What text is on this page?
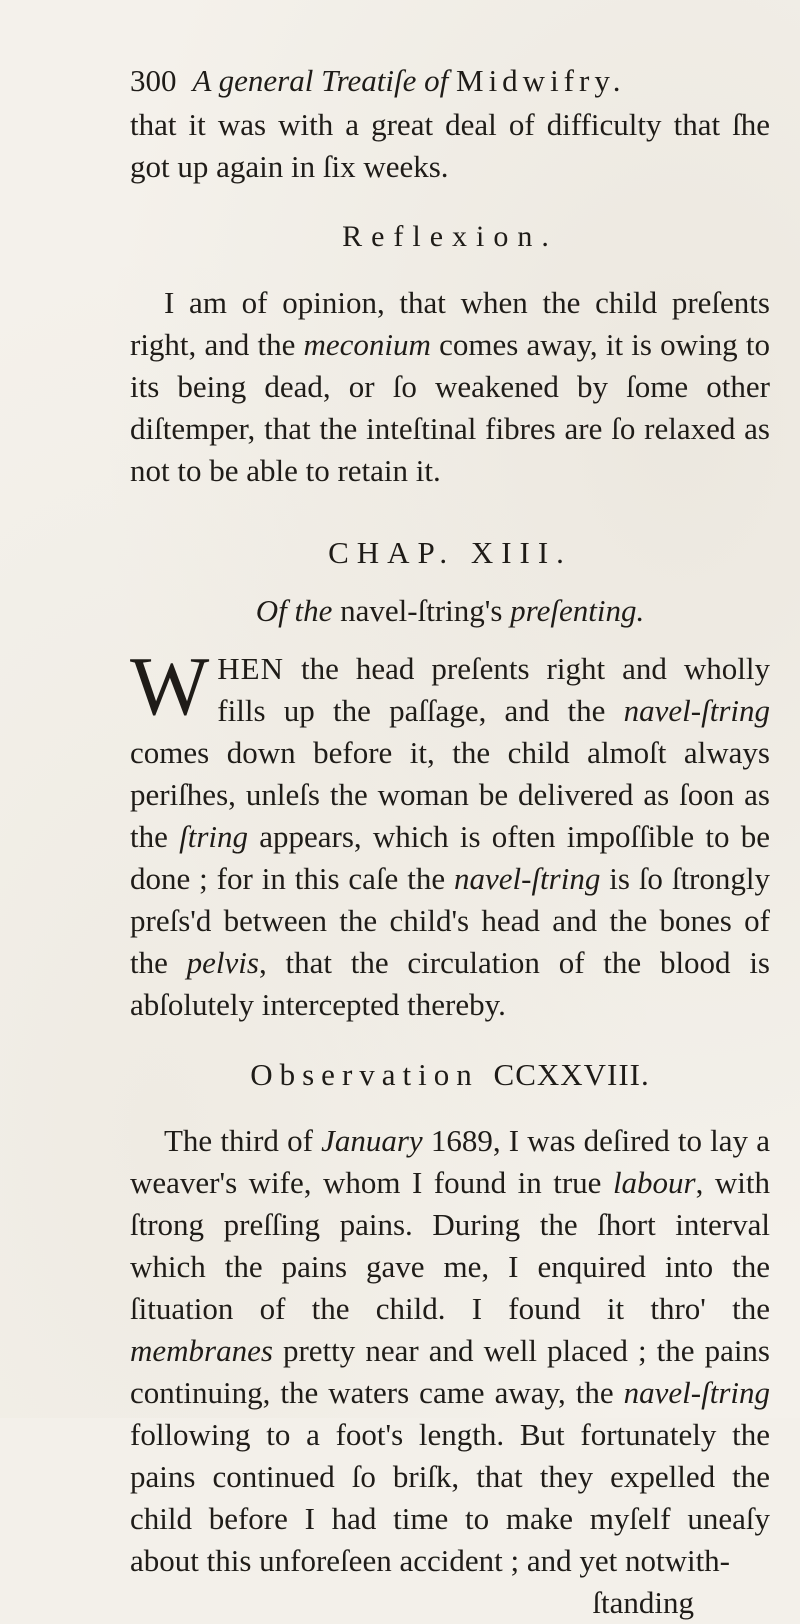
300 A general Treatiſe of Midwifry.

that it was with a great deal of difficulty that ſhe got up again in ſix weeks.

Reflexion.

I am of opinion, that when the child preſents right, and the meconium comes away, it is owing to its being dead, or ſo weakened by ſome other diſtemper, that the inteſtinal fibres are ſo relaxed as not to be able to retain it.

CHAP. XIII.
Of the navel-ſtring's preſenting.

WHEN the head preſents right and wholly fills up the paſſage, and the navel-ſtring comes down before it, the child almoſt always periſhes, unleſs the woman be delivered as ſoon as the ſtring appears, which is often impoſſible to be done ; for in this caſe the navel-ſtring is ſo ſtrongly preſs'd between the child's head and the bones of the pelvis, that the circulation of the blood is abſolutely intercepted thereby.

Observation CCXXVIII.

The third of January 1689, I was deſired to lay a weaver's wife, whom I found in true labour, with ſtrong preſſing pains. During the ſhort interval which the pains gave me, I enquired into the ſituation of the child. I found it thro' the membranes pretty near and well placed ; the pains continuing, the waters came away, the navel-ſtring following to a foot's length. But fortunately the pains continued ſo briſk, that they expelled the child before I had time to make myſelf uneaſy about this unforeſeen accident ; and yet notwith-

ſtanding
